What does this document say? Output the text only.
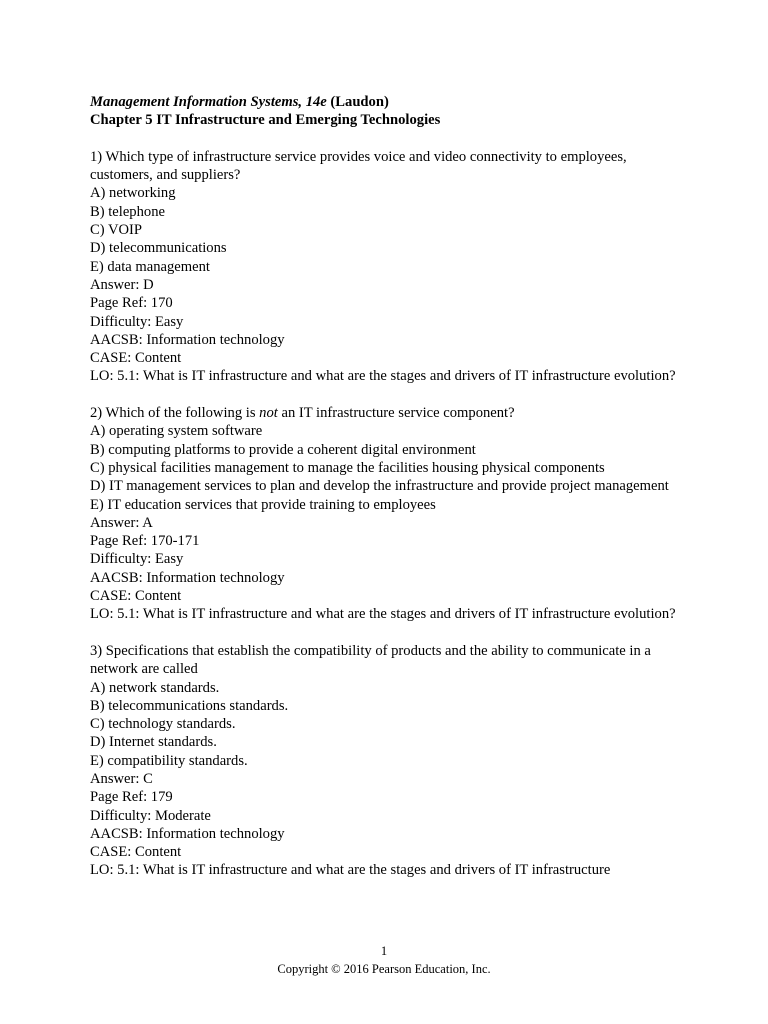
Management Information Systems, 14e (Laudon)
Chapter 5 IT Infrastructure and Emerging Technologies
1) Which type of infrastructure service provides voice and video connectivity to employees, customers, and suppliers?
A) networking
B) telephone
C) VOIP
D) telecommunications
E) data management
Answer: D
Page Ref: 170
Difficulty: Easy
AACSB: Information technology
CASE: Content
LO: 5.1: What is IT infrastructure and what are the stages and drivers of IT infrastructure evolution?
2) Which of the following is not an IT infrastructure service component?
A) operating system software
B) computing platforms to provide a coherent digital environment
C) physical facilities management to manage the facilities housing physical components
D) IT management services to plan and develop the infrastructure and provide project management
E) IT education services that provide training to employees
Answer: A
Page Ref: 170-171
Difficulty: Easy
AACSB: Information technology
CASE: Content
LO: 5.1: What is IT infrastructure and what are the stages and drivers of IT infrastructure evolution?
3) Specifications that establish the compatibility of products and the ability to communicate in a network are called
A) network standards.
B) telecommunications standards.
C) technology standards.
D) Internet standards.
E) compatibility standards.
Answer: C
Page Ref: 179
Difficulty: Moderate
AACSB: Information technology
CASE: Content
LO: 5.1: What is IT infrastructure and what are the stages and drivers of IT infrastructure
1
Copyright © 2016 Pearson Education, Inc.
